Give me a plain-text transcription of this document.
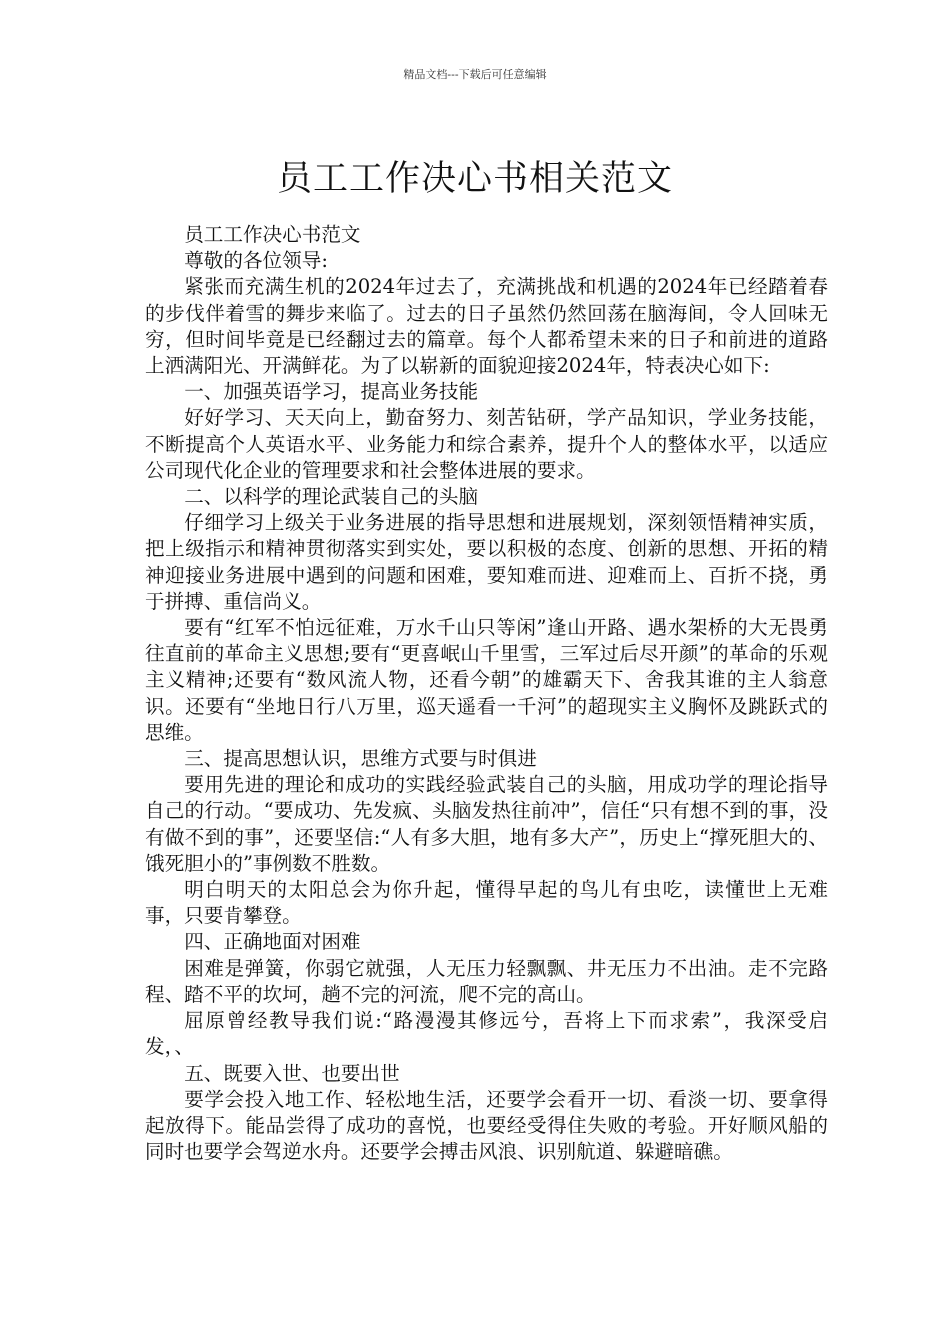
精品文档---下载后可任意编辑
员工工作决心书相关范文

员工工作决心书范文

尊敬的各位领导:

紧张而充满生机的2024年过去了，充满挑战和机遇的2024年已经踏着春的步伐伴着雪的舞步来临了。过去的日子虽然仍然回荡在脑海间，令人回味无穷，但时间毕竟是已经翻过去的篇章。每个人都希望未来的日子和前进的道路上洒满阳光、开满鲜花。为了以崭新的面貌迎接2024年，特表决心如下:

一、加强英语学习，提高业务技能

好好学习、天天向上，勤奋努力、刻苦钻研，学产品知识，学业务技能，不断提高个人英语水平、业务能力和综合素养，提升个人的整体水平，以适应公司现代化企业的管理要求和社会整体进展的要求。

二、以科学的理论武装自己的头脑

仔细学习上级关于业务进展的指导思想和进展规划，深刻领悟精神实质，把上级指示和精神贯彻落实到实处，要以积极的态度、创新的思想、开拓的精神迎接业务进展中遇到的问题和困难，要知难而进、迎难而上、百折不挠，勇于拼搏、重信尚义。

要有“红军不怕远征难，万水千山只等闲”逢山开路、遇水架桥的大无畏勇往直前的革命主义思想;要有“更喜岷山千里雪，三军过后尽开颜”的革命的乐观主义精神;还要有“数风流人物，还看今朝”的雄霸天下、舍我其谁的主人翁意识。还要有“坐地日行八万里，巡天遥看一千河”的超现实主义胸怀及跳跃式的思维。

三、提高思想认识，思维方式要与时俱进

要用先进的理论和成功的实践经验武装自己的头脑，用成功学的理论指导自己的行动。“要成功、先发疯、头脑发热往前冲”，信任“只有想不到的事，没有做不到的事”，还要坚信:“人有多大胆，地有多大产”，历史上“撑死胆大的、饿死胆小的”事例数不胜数。

明白明天的太阳总会为你升起，懂得早起的鸟儿有虫吃，读懂世上无难事，只要肯攀登。

四、正确地面对困难

困难是弹簧，你弱它就强，人无压力轻飘飘、井无压力不出油。走不完路程、踏不平的坎坷，趟不完的河流，爬不完的高山。

屈原曾经教导我们说:“路漫漫其修远兮，吾将上下而求索”，我深受启发，、

五、既要入世、也要出世

要学会投入地工作、轻松地生活，还要学会看开一切、看淡一切、要拿得起放得下。能品尝得了成功的喜悦，也要经受得住失败的考验。开好顺风船的同时也要学会驾逆水舟。还要学会搏击风浪、识别航道、躲避暗礁。
